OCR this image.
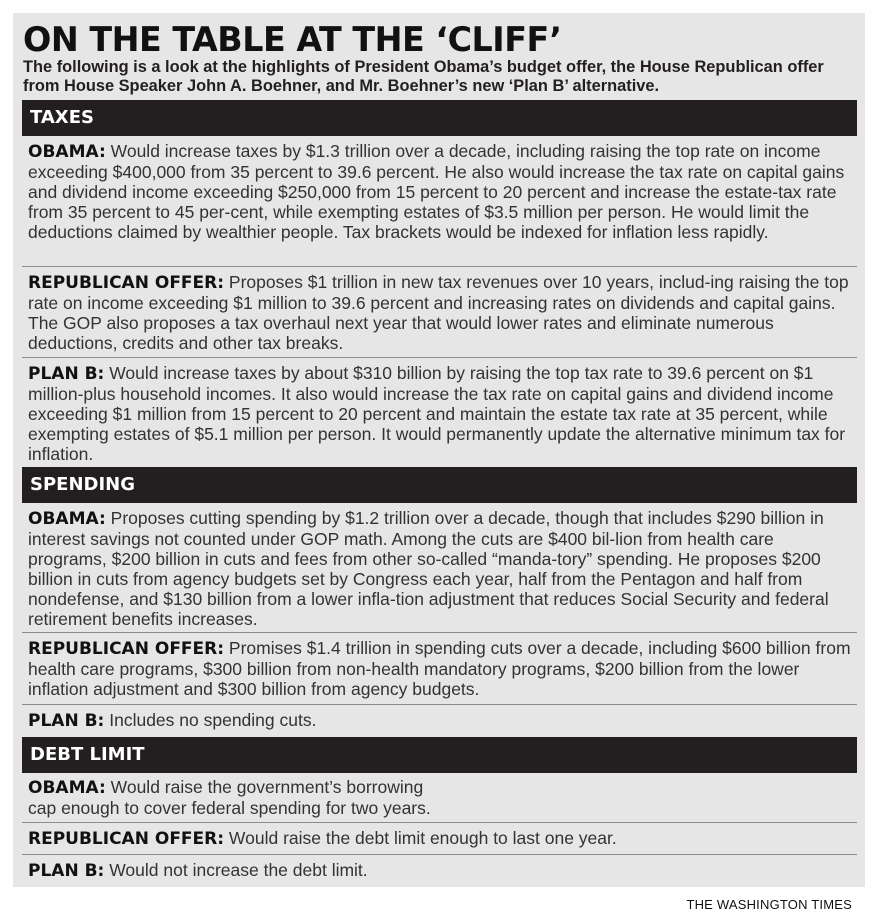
ON THE TABLE AT THE ‘CLIFF’

The following is a look at the highlights of President Obama’s budget offer, the House Republican offer from House Speaker John A. Boehner, and Mr. Boehner’s new ‘Plan B’ alternative.

TAXES

OBAMA: Would increase taxes by $1.3 trillion over a decade, including raising the top rate on income exceeding $400,000 from 35 percent to 39.6 percent. He also would increase the tax rate on capital gains and dividend income exceeding $250,000 from 15 percent to 20 percent and increase the estate-tax rate from 35 percent to 45 per-cent, while exempting estates of $3.5 million per person. He would limit the deductions claimed by wealthier people. Tax brackets would be indexed for inflation less rapidly.

REPUBLICAN OFFER: Proposes $1 trillion in new tax revenues over 10 years, includ-ing raising the top rate on income exceeding $1 million to 39.6 percent and increasing rates on dividends and capital gains. The GOP also proposes a tax overhaul next year that would lower rates and eliminate numerous deductions, credits and other tax breaks.

PLAN B: Would increase taxes by about $310 billion by raising the top tax rate to 39.6 percent on $1 million-plus household incomes. It also would increase the tax rate on capital gains and dividend income exceeding $1 million from 15 percent to 20 percent and maintain the estate tax rate at 35 percent, while exempting estates of $5.1 million per person. It would permanently update the alternative minimum tax for inflation.

SPENDING

OBAMA: Proposes cutting spending by $1.2 trillion over a decade, though that includes $290 billion in interest savings not counted under GOP math. Among the cuts are $400 bil-lion from health care programs, $200 billion in cuts and fees from other so-called “manda-tory” spending. He proposes $200 billion in cuts from agency budgets set by Congress each year, half from the Pentagon and half from nondefense, and $130 billion from a lower infla-tion adjustment that reduces Social Security and federal retirement benefits increases.

REPUBLICAN OFFER: Promises $1.4 trillion in spending cuts over a decade, including $600 billion from health care programs, $300 billion from non-health mandatory programs, $200 billion from the lower inflation adjustment and $300 billion from agency budgets.

PLAN B: Includes no spending cuts.

DEBT LIMIT

OBAMA: Would raise the government’s borrowing cap enough to cover federal spending for two years.

REPUBLICAN OFFER: Would raise the debt limit enough to last one year.

PLAN B: Would not increase the debt limit.

THE WASHINGTON TIMES
